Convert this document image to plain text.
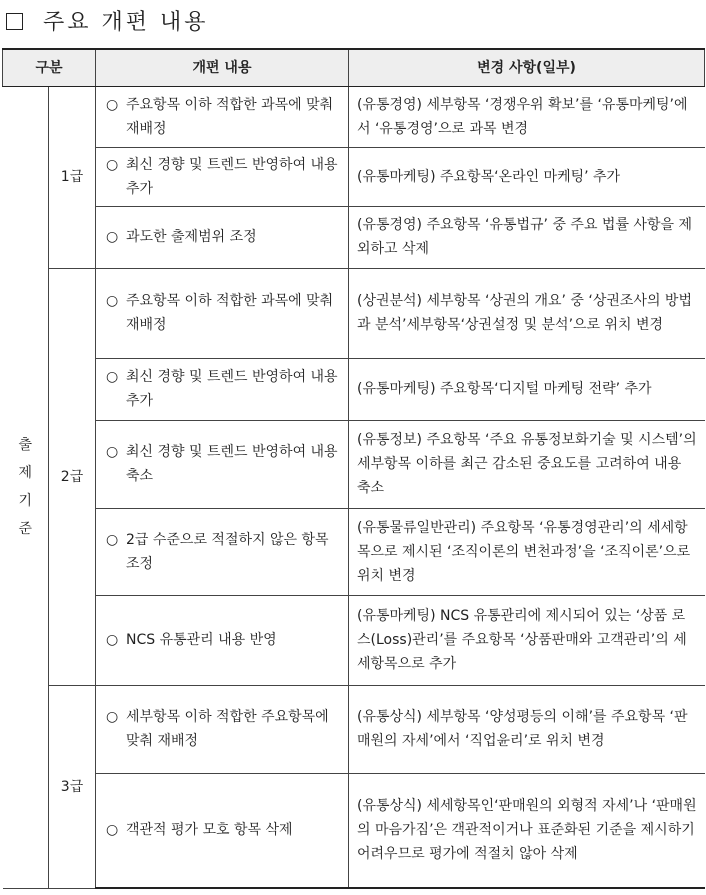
주요 개편 내용
구분		개편 내용	변경 사항(일부)
출제기준	1급	○ 주요항목 이하 적합한 과목에 맞춰 재배정	(유통경영) 세부항목 ‘경쟁우위 확보’를 ‘유통마케팅’에서 ‘유통경영’으로 과목 변경

		○ 최신 경향 및 트렌드 반영하여 내용 추가	(유통마케팅) 주요항목‘온라인 마케팅’ 추가

		○ 과도한 출제범위 조정	(유통경영) 주요항목 ‘유통법규’ 중 주요 법률 사항을 제외하고 삭제
	2급	○ 주요항목 이하 적합한 과목에 맞춰 재배정	(상권분석) 세부항목 ‘상권의 개요’ 중 ‘상권조사의 방법과 분석’세부항목‘상권설정 및 분석’으로 위치 변경

		○ 최신 경향 및 트렌드 반영하여 내용 추가	(유통마케팅) 주요항목‘디지털 마케팅 전략’ 추가

		○ 최신 경향 및 트렌드 반영하여 내용 축소	(유통정보) 주요항목 ‘주요 유통정보화기술 및 시스템’의 세부항목 이하를 최근 감소된 중요도를 고려하여 내용 축소

		○ 2급 수준으로 적절하지 않은 항목 조정	(유통물류일반관리) 주요항목 ‘유통경영관리’의 세세항목으로 제시된 ‘조직이론의 변천과정’을 ‘조직이론’으로 위치 변경

		○ NCS 유통관리 내용 반영	(유통마케팅) NCS 유통관리에 제시되어 있는 ‘상품 로스(Loss)관리’를 주요항목 ‘상품판매와 고객관리’의 세세항목으로 추가
	3급	○ 세부항목 이하 적합한 주요항목에 맞춰 재배정	(유통상식) 세부항목 ‘양성평등의 이해’를 주요항목 ‘판매원의 자세’에서 ‘직업윤리’로 위치 변경

		○ 객관적 평가 모호 항목 삭제	(유통상식) 세세항목인‘판매원의 외형적 자세’나 ‘판매원의 마음가짐’은 객관적이거나 표준화된 기준을 제시하기 어려우므로 평가에 적절치 않아 삭제
